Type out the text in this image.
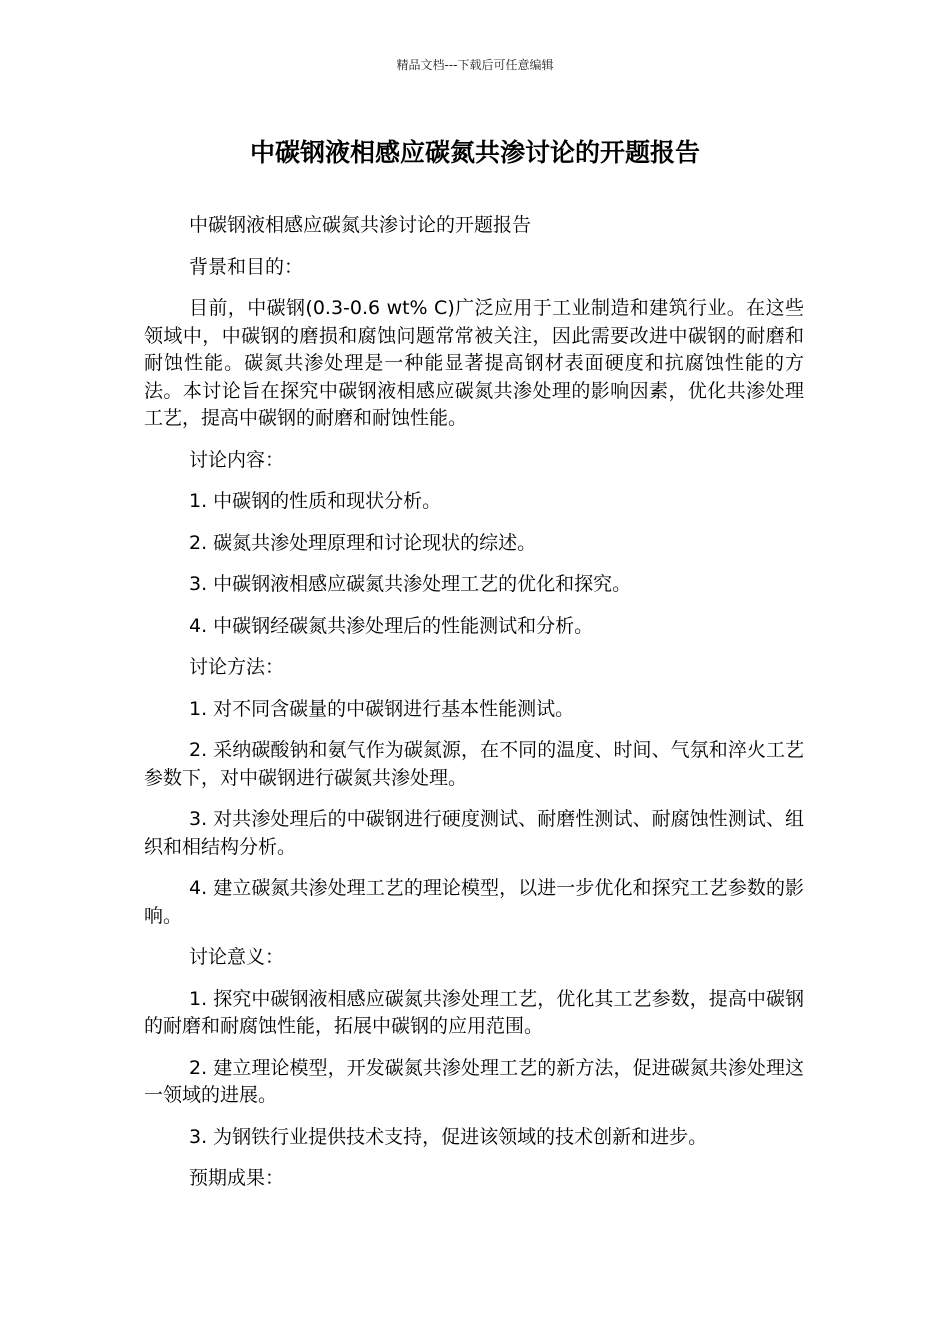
精品文档---下载后可任意编辑
中碳钢液相感应碳氮共渗讨论的开题报告

中碳钢液相感应碳氮共渗讨论的开题报告

背景和目的：

目前，中碳钢(0.3-0.6 wt% C)广泛应用于工业制造和建筑行业。在这些领域中，中碳钢的磨损和腐蚀问题常常被关注，因此需要改进中碳钢的耐磨和耐蚀性能。碳氮共渗处理是一种能显著提高钢材表面硬度和抗腐蚀性能的方法。本讨论旨在探究中碳钢液相感应碳氮共渗处理的影响因素，优化共渗处理工艺，提高中碳钢的耐磨和耐蚀性能。

讨论内容：

1. 中碳钢的性质和现状分析。

2. 碳氮共渗处理原理和讨论现状的综述。

3. 中碳钢液相感应碳氮共渗处理工艺的优化和探究。

4. 中碳钢经碳氮共渗处理后的性能测试和分析。

讨论方法：

1. 对不同含碳量的中碳钢进行基本性能测试。

2. 采纳碳酸钠和氨气作为碳氮源，在不同的温度、时间、气氛和淬火工艺参数下，对中碳钢进行碳氮共渗处理。

3. 对共渗处理后的中碳钢进行硬度测试、耐磨性测试、耐腐蚀性测试、组织和相结构分析。

4. 建立碳氮共渗处理工艺的理论模型，以进一步优化和探究工艺参数的影响。

讨论意义：

1. 探究中碳钢液相感应碳氮共渗处理工艺，优化其工艺参数，提高中碳钢的耐磨和耐腐蚀性能，拓展中碳钢的应用范围。

2. 建立理论模型，开发碳氮共渗处理工艺的新方法，促进碳氮共渗处理这一领域的进展。

3. 为钢铁行业提供技术支持，促进该领域的技术创新和进步。

预期成果：
